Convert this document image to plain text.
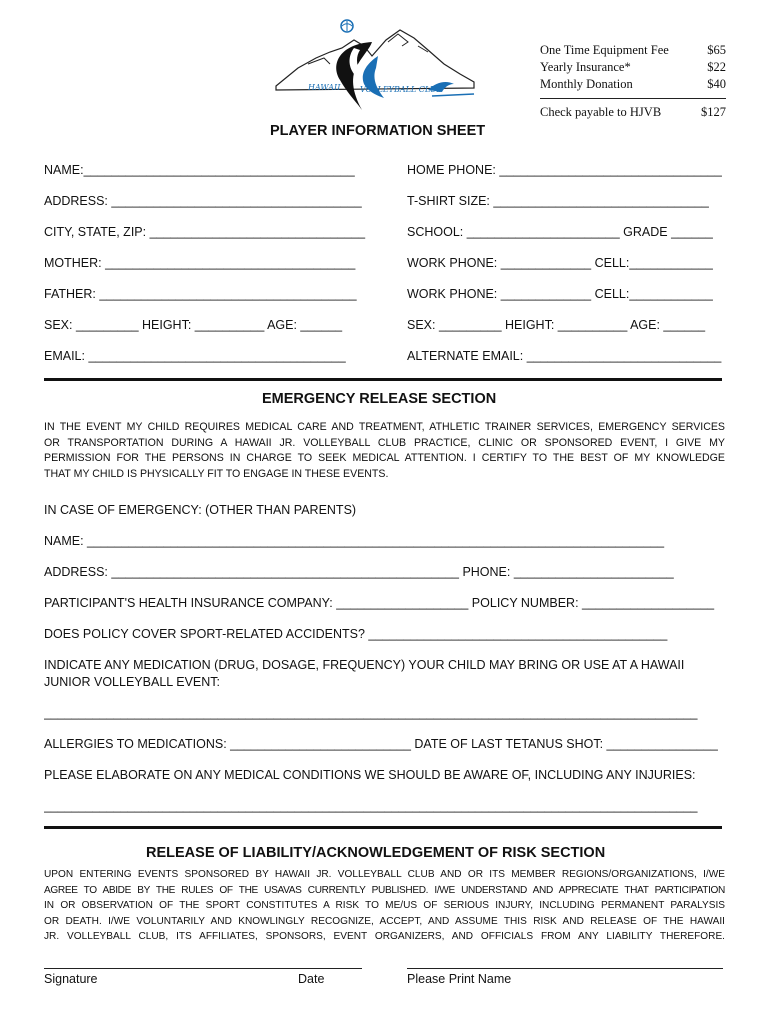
HAWAII VOLLEYBALL CLUB
One Time Equipment Fee	$65
Yearly Insurance*	$22
Monthly Donation	$40
Check payable to HJVB	$127
PLAYER INFORMATION SHEET
NAME:_______________________________________
ADDRESS: ____________________________________
CITY, STATE, ZIP: _______________________________
MOTHER: ____________________________________
FATHER: _____________________________________
SEX: _________ HEIGHT: __________ AGE: ______
EMAIL: _____________________________________
HOME PHONE: ________________________________
T-SHIRT SIZE: _______________________________
SCHOOL: ______________________ GRADE ______
WORK PHONE: _____________ CELL:____________
WORK PHONE: _____________ CELL:____________
SEX: _________ HEIGHT: __________ AGE: ______
ALTERNATE EMAIL: ____________________________
EMERGENCY RELEASE SECTION
IN THE EVENT MY CHILD REQUIRES MEDICAL CARE AND TREATMENT, ATHLETIC TRAINER SERVICES, EMERGENCY SERVICES
OR TRANSPORTATION DURING A HAWAII JR. VOLLEYBALL CLUB PRACTICE, CLINIC OR SPONSORED EVENT, I GIVE MY
PERMISSION FOR THE PERSONS IN CHARGE TO SEEK MEDICAL ATTENTION. I CERTIFY TO THE BEST OF MY KNOWLEDGE
THAT MY CHILD IS PHYSICALLY FIT TO ENGAGE IN THESE EVENTS.
IN CASE OF EMERGENCY: (OTHER THAN PARENTS)
NAME: ___________________________________________________________________________________
ADDRESS: __________________________________________________ PHONE: _______________________
PARTICIPANT'S HEALTH INSURANCE COMPANY: ___________________ POLICY NUMBER: ___________________
DOES POLICY COVER SPORT-RELATED ACCIDENTS? ___________________________________________
INDICATE ANY MEDICATION (DRUG, DOSAGE, FREQUENCY) YOUR CHILD MAY BRING OR USE AT A HAWAII
JUNIOR VOLLEYBALL EVENT:
______________________________________________________________________________________________
ALLERGIES TO MEDICATIONS: __________________________ DATE OF LAST TETANUS SHOT: ________________
PLEASE ELABORATE ON ANY MEDICAL CONDITIONS WE SHOULD BE AWARE OF, INCLUDING ANY INJURIES:
______________________________________________________________________________________________
RELEASE OF LIABILITY/ACKNOWLEDGEMENT OF RISK SECTION
UPON ENTERING EVENTS SPONSORED BY HAWAII JR. VOLLEYBALL CLUB AND OR ITS MEMBER REGIONS/ORGANIZATIONS, I/WE
AGREE TO ABIDE BY THE RULES OF THE USAVAS CURRENTLY PUBLISHED. I/WE UNDERSTAND AND APPRECIATE THAT PARTICIPATION
IN OR OBSERVATION OF THE SPORT CONSTITUTES A RISK TO ME/US OF SERIOUS INJURY, INCLUDING PERMANENT PARALYSIS
OR DEATH. I/WE VOLUNTARILY AND KNOWLINGLY RECOGNIZE, ACCEPT, AND ASSUME THIS RISK AND RELEASE OF THE HAWAII
JR. VOLLEYBALL CLUB, ITS AFFILIATES, SPONSORS, EVENT ORGANIZERS, AND OFFICIALS FROM ANY LIABILITY THEREFORE.
Signature	Date	Please Print Name
